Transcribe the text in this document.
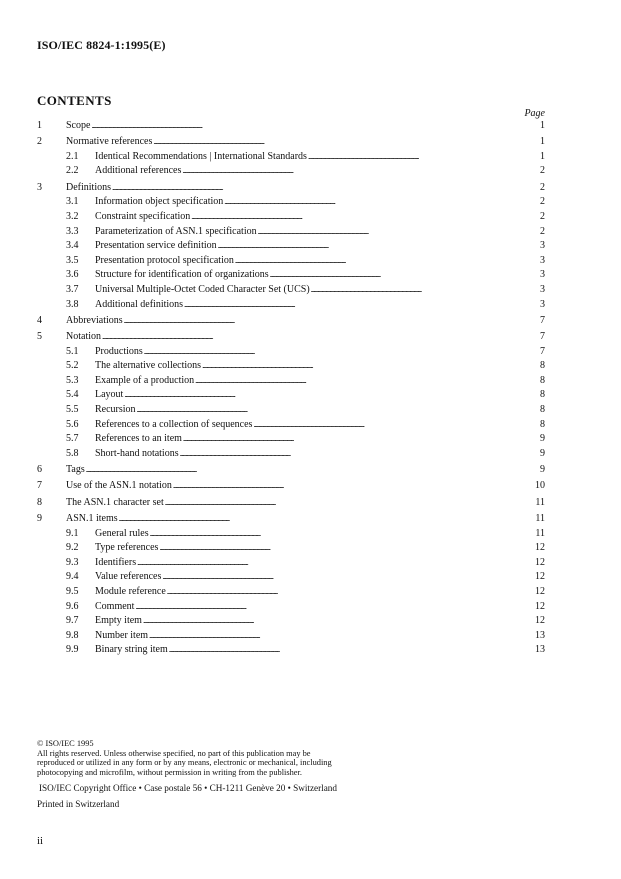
ISO/IEC 8824-1:1995(E)
CONTENTS
Page
1 Scope . . .	1
2 Normative references . . .	1
2.1 Identical Recommendations | International Standards . . .	1
2.2 Additional references . . .	2
3 Definitions . . .	2
3.1 Information object specification . . .	2
3.2 Constraint specification . . .	2
3.3 Parameterization of ASN.1 specification . . .	2
3.4 Presentation service definition . . .	3
3.5 Presentation protocol specification . . .	3
3.6 Structure for identification of organizations . . .	3
3.7 Universal Multiple-Octet Coded Character Set (UCS) . . .	3
3.8 Additional definitions . . .	3
4 Abbreviations . . .	7
5 Notation . . .	7
5.1 Productions . . .	7
5.2 The alternative collections . . .	8
5.3 Example of a production . . .	8
5.4 Layout . . .	8
5.5 Recursion . . .	8
5.6 References to a collection of sequences . . .	8
5.7 References to an item . . .	9
5.8 Short-hand notations . . .	9
6 Tags . . .	9
7 Use of the ASN.1 notation . . .	10
8 The ASN.1 character set . . .	11
9 ASN.1 items . . .	11
9.1 General rules . . .	11
9.2 Type references . . .	12
9.3 Identifiers . . .	12
9.4 Value references . . .	12
9.5 Module reference . . .	12
9.6 Comment . . .	12
9.7 Empty item . . .	12
9.8 Number item . . .	13
9.9 Binary string item . . .	13
© ISO/IEC 1995
All rights reserved. Unless otherwise specified, no part of this publication may be
reproduced or utilized in any form or by any means, electronic or mechanical, including
photocopying and microfilm, without permission in writing from the publisher.
ISO/IEC Copyright Office • Case postale 56 • CH-1211 Genève 20 • Switzerland
Printed in Switzerland
ii
